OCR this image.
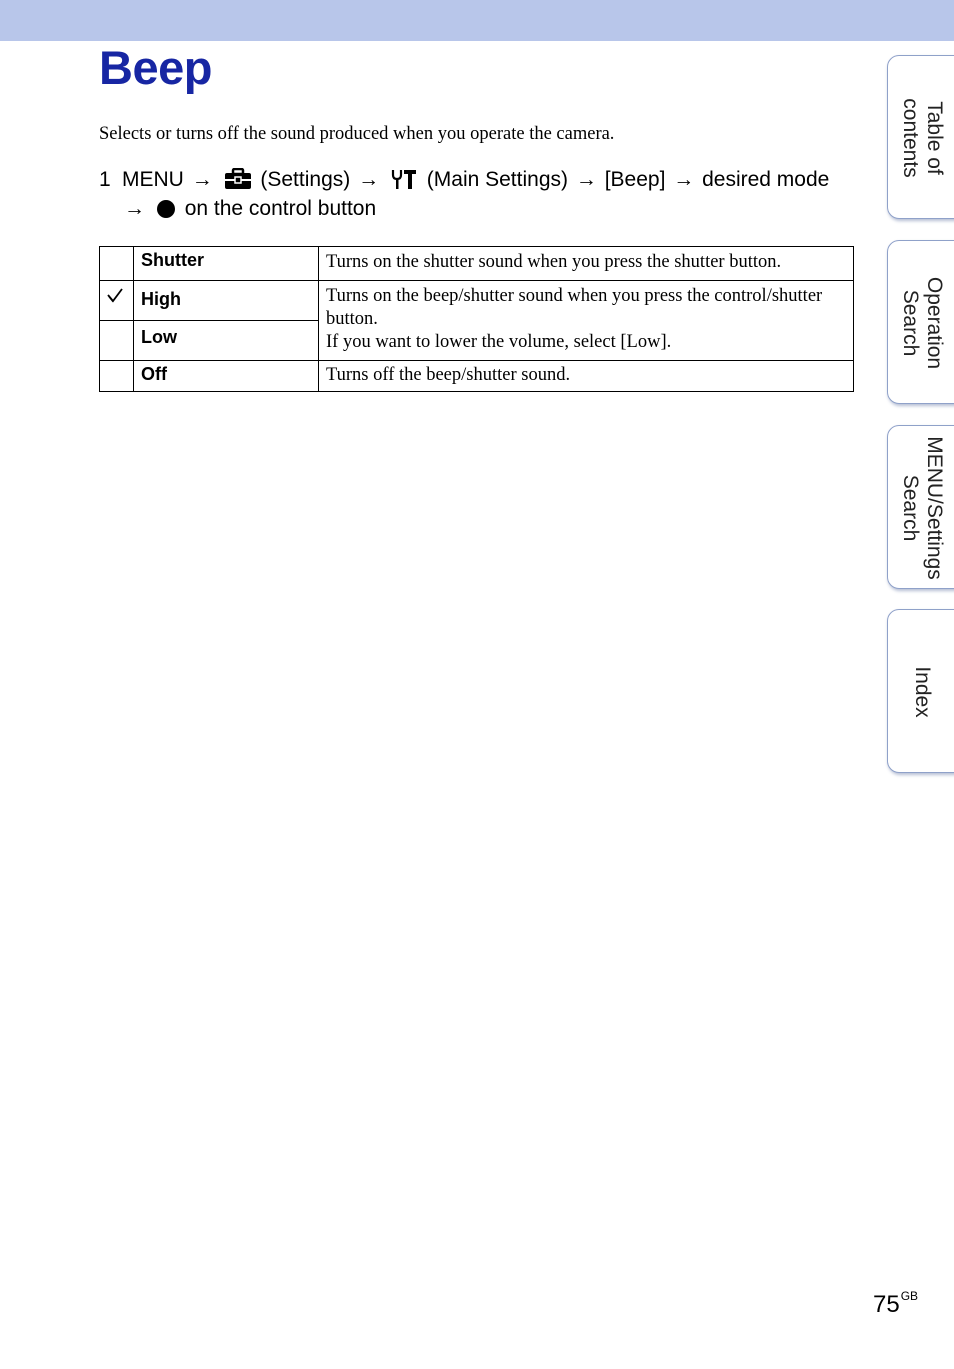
Beep

Selects or turns off the sound produced when you operate the camera.

1 MENU → (Settings) → (Main Settings) → [Beep] → desired mode → on the control button
	Shutter	Turns on the shutter sound when you press the shutter button.
	High	Turns on the beep/shutter sound when you press the control/shutter button.
If you want to lower the volume, select [Low].
	Low	
	Off	Turns off the beep/shutter sound.
Table of
contents
Operation
Search
MENU/Settings
Search
Index
$75^{GB}$
